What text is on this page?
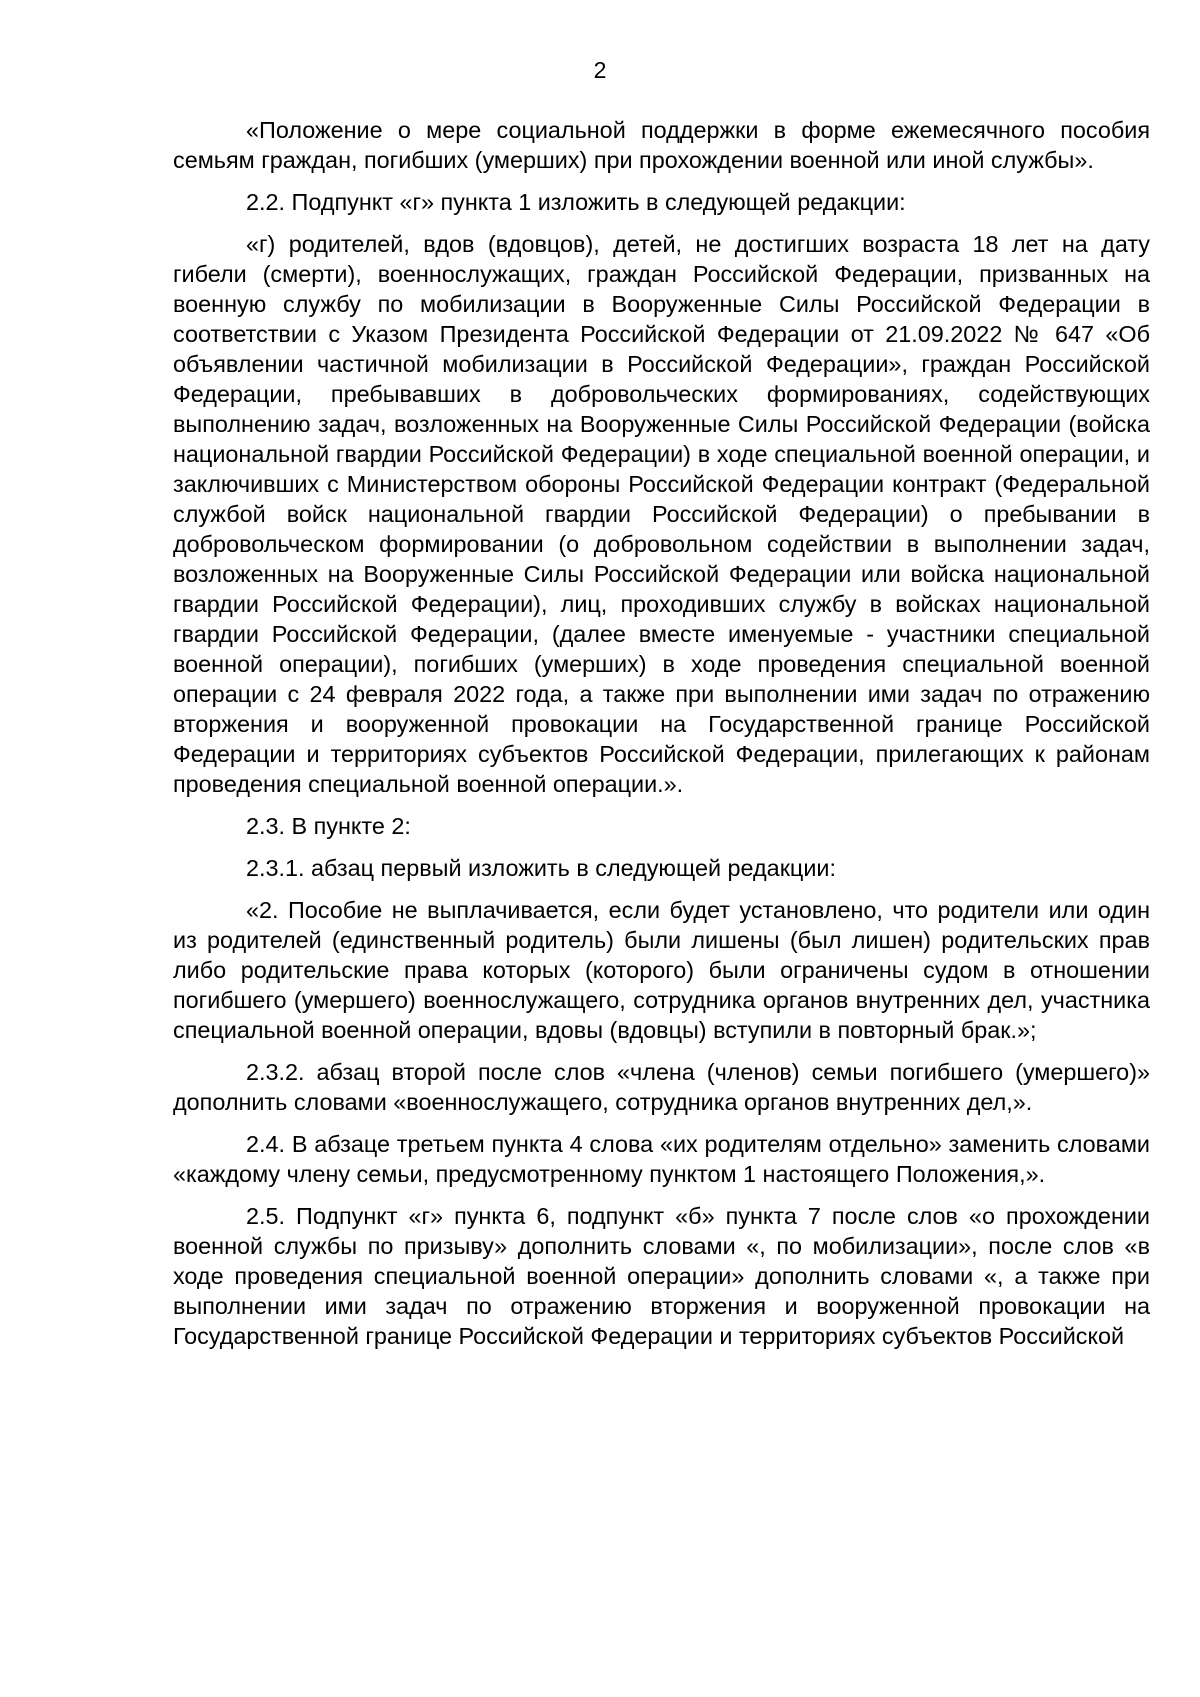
2

«Положение о мере социальной поддержки в форме ежемесячного пособия семьям граждан, погибших (умерших) при прохождении военной или иной службы».

2.2. Подпункт «г» пункта 1 изложить в следующей редакции:

«г) родителей, вдов (вдовцов), детей, не достигших возраста 18 лет на дату гибели (смерти), военнослужащих, граждан Российской Федерации, призванных на военную службу по мобилизации в Вооруженные Силы Российской Федерации в соответствии с Указом Президента Российской Федерации от 21.09.2022 № 647 «Об объявлении частичной мобилизации в Российской Федерации», граждан Российской Федерации, пребывавших в добровольческих формированиях, содействующих выполнению задач, возложенных на Вооруженные Силы Российской Федерации (войска национальной гвардии Российской Федерации) в ходе специальной военной операции, и заключивших с Министерством обороны Российской Федерации контракт (Федеральной службой войск национальной гвардии Российской Федерации) о пребывании в добровольческом формировании (о добровольном содействии в выполнении задач, возложенных на Вооруженные Силы Российской Федерации или войска национальной гвардии Российской Федерации), лиц, проходивших службу в войсках национальной гвардии Российской Федерации, (далее вместе именуемые - участники специальной военной операции), погибших (умерших) в ходе проведения специальной военной операции с 24 февраля 2022 года, а также при выполнении ими задач по отражению вторжения и вооруженной провокации на Государственной границе Российской Федерации и территориях субъектов Российской Федерации, прилегающих к районам проведения специальной военной операции.».

2.3. В пункте 2:

2.3.1. абзац первый изложить в следующей редакции:

«2. Пособие не выплачивается, если будет установлено, что родители или один из родителей (единственный родитель) были лишены (был лишен) родительских прав либо родительские права которых (которого) были ограничены судом в отношении погибшего (умершего) военнослужащего, сотрудника органов внутренних дел, участника специальной военной операции, вдовы (вдовцы) вступили в повторный брак.»;

2.3.2. абзац второй после слов «члена (членов) семьи погибшего (умершего)» дополнить словами «военнослужащего, сотрудника органов внутренних дел,».

2.4. В абзаце третьем пункта 4 слова «их родителям отдельно» заменить словами «каждому члену семьи, предусмотренному пунктом 1 настоящего Положения,».

2.5. Подпункт «г» пункта 6, подпункт «б» пункта 7 после слов «о прохождении военной службы по призыву» дополнить словами «, по мобилизации», после слов «в ходе проведения специальной военной операции» дополнить словами «, а также при выполнении ими задач по отражению вторжения и вооруженной провокации на Государственной границе Российской Федерации и территориях субъектов Российской
